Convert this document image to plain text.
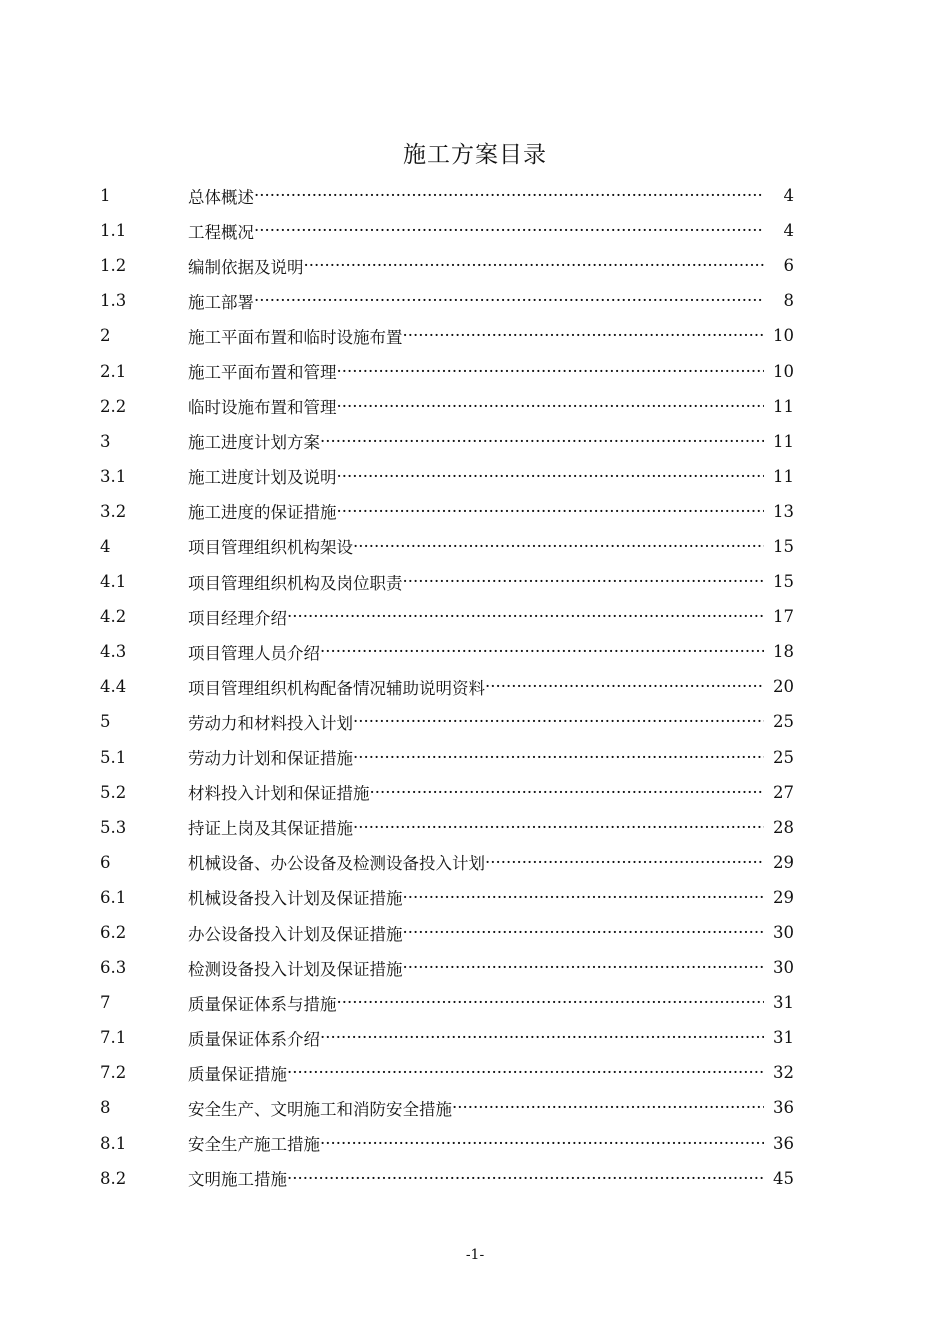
施工方案目录
1	总体概述 ·····	4
1.1	工程概况 ·····	4
1.2	编制依据及说明 ·····	6
1.3	施工部署 ·····	8
2	施工平面布置和临时设施布置 ·····	10
2.1	施工平面布置和管理 ·····	10
2.2	临时设施布置和管理 ·····	11
3	施工进度计划方案 ·····	11
3.1	施工进度计划及说明 ·····	11
3.2	施工进度的保证措施 ·····	13
4	项目管理组织机构架设 ·····	15
4.1	项目管理组织机构及岗位职责 ·····	15
4.2	项目经理介绍 ·····	17
4.3	项目管理人员介绍 ·····	18
4.4	项目管理组织机构配备情况辅助说明资料 ·····	20
5	劳动力和材料投入计划 ·····	25
5.1	劳动力计划和保证措施 ·····	25
5.2	材料投入计划和保证措施 ·····	27
5.3	持证上岗及其保证措施 ·····	28
6	机械设备、办公设备及检测设备投入计划 ·····	29
6.1	机械设备投入计划及保证措施 ·····	29
6.2	办公设备投入计划及保证措施 ·····	30
6.3	检测设备投入计划及保证措施 ·····	30
7	质量保证体系与措施 ·····	31
7.1	质量保证体系介绍 ·····	31
7.2	质量保证措施 ·····	32
8	安全生产、文明施工和消防安全措施 ·····	36
8.1	安全生产施工措施 ·····	36
8.2	文明施工措施 ·····	45
-1-
